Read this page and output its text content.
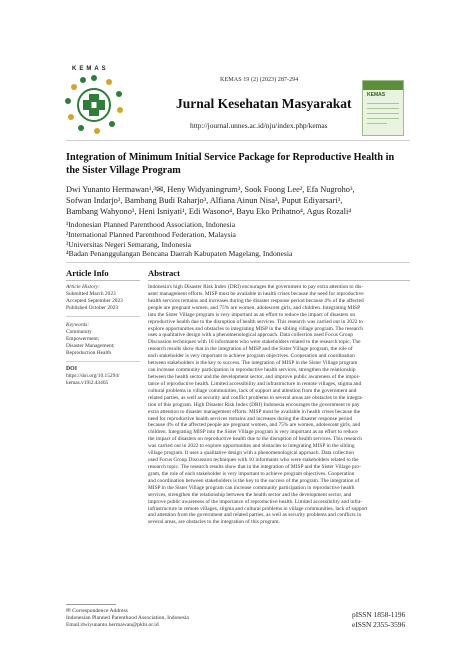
KEMAS
KEMAS 19 (2) (2023) 287-294
Jurnal Kesehatan Masyarakat
http://journal.unnes.ac.id/nju/index.php/kemas
KEMAS
Integration of Minimum Initial Service Package for Reproductive Health in the Sister Village Program
Dwi Yunanto Hermawan¹,³✉, Heny Widyaningrum³, Sook Foong Lee², Efa Nugroho³,
Sofwan Indarjo³, Bambang Budi Raharjo³, Alfiana Ainun Nisa³, Puput Ediyarsari³,
Bambang Wahyono³, Heni Isniyati¹, Edi Wasono⁴, Bayu Eko Prihatno⁴, Agus Rozali⁴
¹Indonesian Planned Parenthood Association, Indonesia
²International Planned Parenthood Federation, Malaysia
³Universitas Negeri Semarang, Indonesia
⁴Badan Penanggulangan Bencana Daerah Kabupaten Magelang, Indonesia
Article Info	Abstract
Article History:
Submitted March 2023
Accepted September 2023
Published October 2023
Keywords:
Community
Empowerment;
Disaster Management;
Reproduction Health
DOI
https://doi.org/10.15294/
kemas.v19i2.43465
Indonesia's high Disaster Risk Index (DRI) encourages the government to pay extra attention to dis-
aster management efforts. MISP must be available in health crises because the need for reproductive
health services remains and increases during the disaster response period because 4% of the affected
people are pregnant women, and 75% are women, adolescent girls, and children. Integrating MISP
into the Sister Village program is very important as an effort to reduce the impact of disasters on
reproductive health due to the disruption of health services. This research was carried out in 2022 to
explore opportunities and obstacles to integrating MISP in the sibling village program. The research
uses a qualitative design with a phenomenological approach. Data collection used Focus Group
Discussion techniques with 10 informants who were stakeholders related to the research topic. The
research results show that in the integration of MISP and the Sister Village program, the role of
each stakeholder is very important to achieve program objectives. Cooperation and coordination
between stakeholders is the key to success. The integration of MISP in the Sister Village program
can increase community participation in reproductive health services, strengthen the relationship
between the health sector and the development sector, and improve public awareness of the impor-
tance of reproductive health. Limited accessibility and infrastructure in remote villages, stigma and
cultural problems in village communities, lack of support and attention from the government and
related parties, as well as security and conflict problems in several areas are obstacles to the integra-
tion of this program. High Disaster Risk Index (DRI) Indonesia encourages the government to pay
extra attention to disaster management efforts. MISP must be available in health crises because the
need for reproductive health services remains and increases during the disaster response period
because 4% of the affected people are pregnant women, and 75% are women, adolescent girls, and
children. Integrating MISP into the Sister Village program is very important as an effort to reduce
the impact of disasters on reproductive health due to the disruption of health services. This research
was carried out in 2022 to explore opportunities and obstacles to integrating MISP in the sibling
village program. It uses a qualitative design with a phenomenological approach. Data collection
used Focus Group Discussion techniques with 10 informants who were stakeholders related to the
research topic. The research results show that in the integration of MISP and the Sister Village pro-
gram, the role of each stakeholder is very important to achieve program objectives. Cooperation
and coordination between stakeholders is the key to the success of the program. The integration of
MISP in the Sister Village program can increase community participation in reproductive health
services, strengthen the relationship between the health sector and the development sector, and
improve public awareness of the importance of reproductive health. Limited accessibility and infra-
infrastructure in remote villages, stigma and cultural problems in village communities, lack of support
and attention from the government and related parties, as well as security problems and conflicts in
several areas, are obstacles to the integration of this program.
✉ Correspondence Address
Indonesian Planned Parenthood Association, Indonesia
Email:dwiyunanto.hermawan@pkbi.or.id
pISSN 1858-1196
eISSN 2355-3596
